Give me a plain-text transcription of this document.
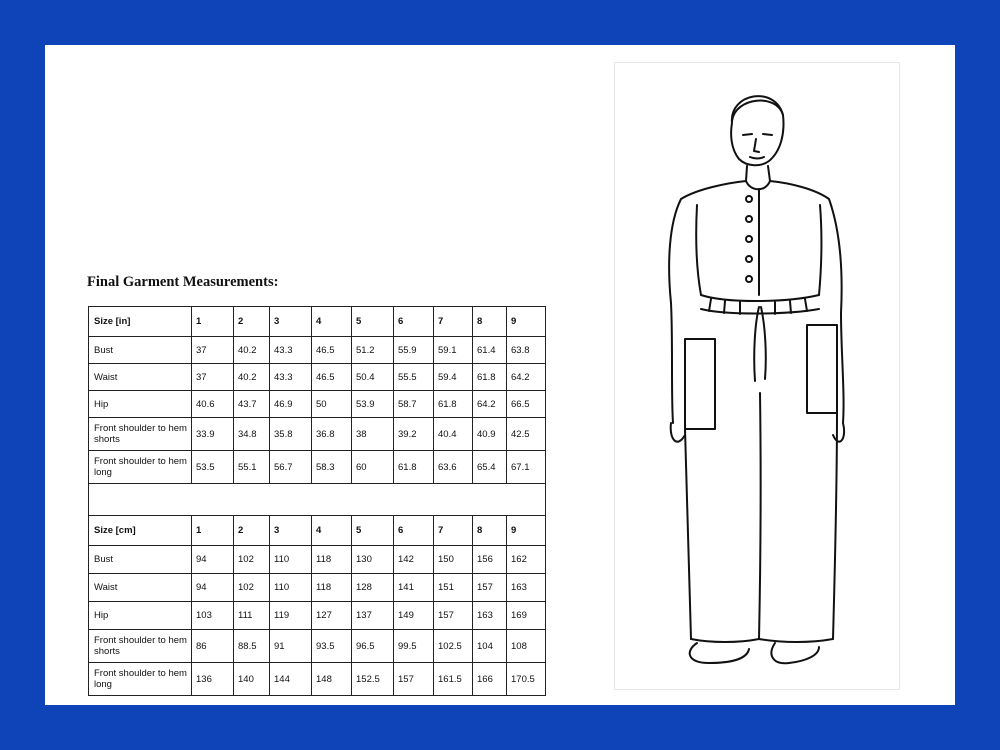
Final Garment Measurements:
Size [in]	1	2	3	4	5	6	7	8	9
Bust	37	40.2	43.3	46.5	51.2	55.9	59.1	61.4	63.8
Waist	37	40.2	43.3	46.5	50.4	55.5	59.4	61.8	64.2
Hip	40.6	43.7	46.9	50	53.9	58.7	61.8	64.2	66.5
Front shoulder to hem shorts	33.9	34.8	35.8	36.8	38	39.2	40.4	40.9	42.5
Front shoulder to hem long	53.5	55.1	56.7	58.3	60	61.8	63.6	65.4	67.1

Size [cm]	1	2	3	4	5	6	7	8	9
Bust	94	102	110	118	130	142	150	156	162
Waist	94	102	110	118	128	141	151	157	163
Hip	103	111	119	127	137	149	157	163	169
Front shoulder to hem shorts	86	88.5	91	93.5	96.5	99.5	102.5	104	108
Front shoulder to hem long	136	140	144	148	152.5	157	161.5	166	170.5
